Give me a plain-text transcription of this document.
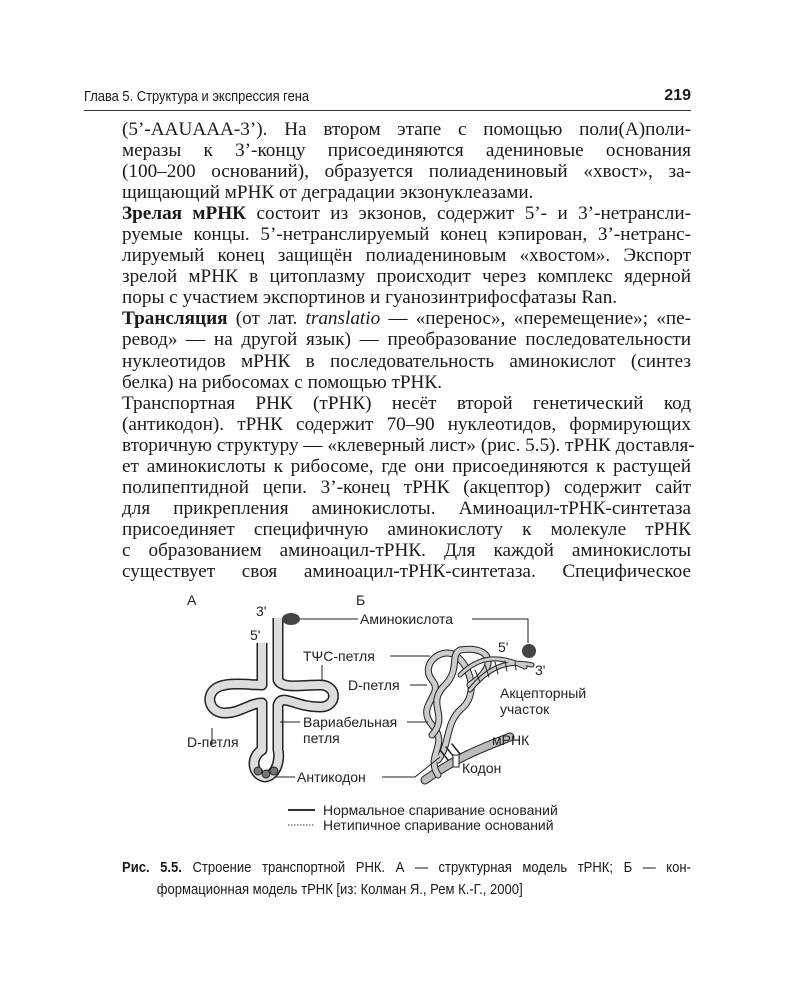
Глава 5. Структура и экспрессия гена	219
(5’-AAUAAA-3’). На втором этапе с помощью поли(А)поли-
меразы к 3’-концу присоединяются адениновые основания
(100–200 оснований), образуется полиадениновый «хвост», за-
щищающий мРНК от деградации экзонуклеазами.
Зрелая мРНК состоит из экзонов, содержит 5’- и 3’-нетрансли-
руемые концы. 5’-нетранслируемый конец кэпирован, 3’-нетранс-
лируемый конец защищён полиадениновым «хвостом». Экспорт
зрелой мРНК в цитоплазму происходит через комплекс ядерной
поры с участием экспортинов и гуанозинтрифосфатазы Ran.
Трансляция (от лат. translatio — «перенос», «перемещение»; «пе-
ревод» — на другой язык) — преобразование последовательности
нуклеотидов мРНК в последовательность аминокислот (синтез
белка) на рибосомах с помощью тРНК.
Транспортная РНК (тРНК) несёт второй генетический код
(антикодон). тРНК содержит 70–90 нуклеотидов, формирующих
вторичную структуру — «клеверный лист» (рис. 5.5). тРНК доставля-
ет аминокислоты к рибосоме, где они присоединяются к растущей
полипептидной цепи. 3’-конец тРНК (акцептор) содержит сайт
для прикрепления аминокислоты. Аминоацил-тРНК-синтетаза
присоединяет специфичную аминокислоту к молекуле тРНК
с образованием аминоацил-тРНК. Для каждой аминокислоты
существует своя аминоацил-тРНК-синтетаза. Специфическое
А	Б
3'
5'
Аминокислота
5'
3'
TΨC-петля
D-петля	Акцепторный
участок
Вариабельная
петля
D-петля	мРНК
Кодон
Антикодон
Нормальное спаривание оснований
Нетипичное спаривание оснований
Рис. 5.5. Строение транспортной РНК. А — структурная модель тРНК; Б — кон-
формационная модель тРНК [из: Колман Я., Рем К.-Г., 2000]
